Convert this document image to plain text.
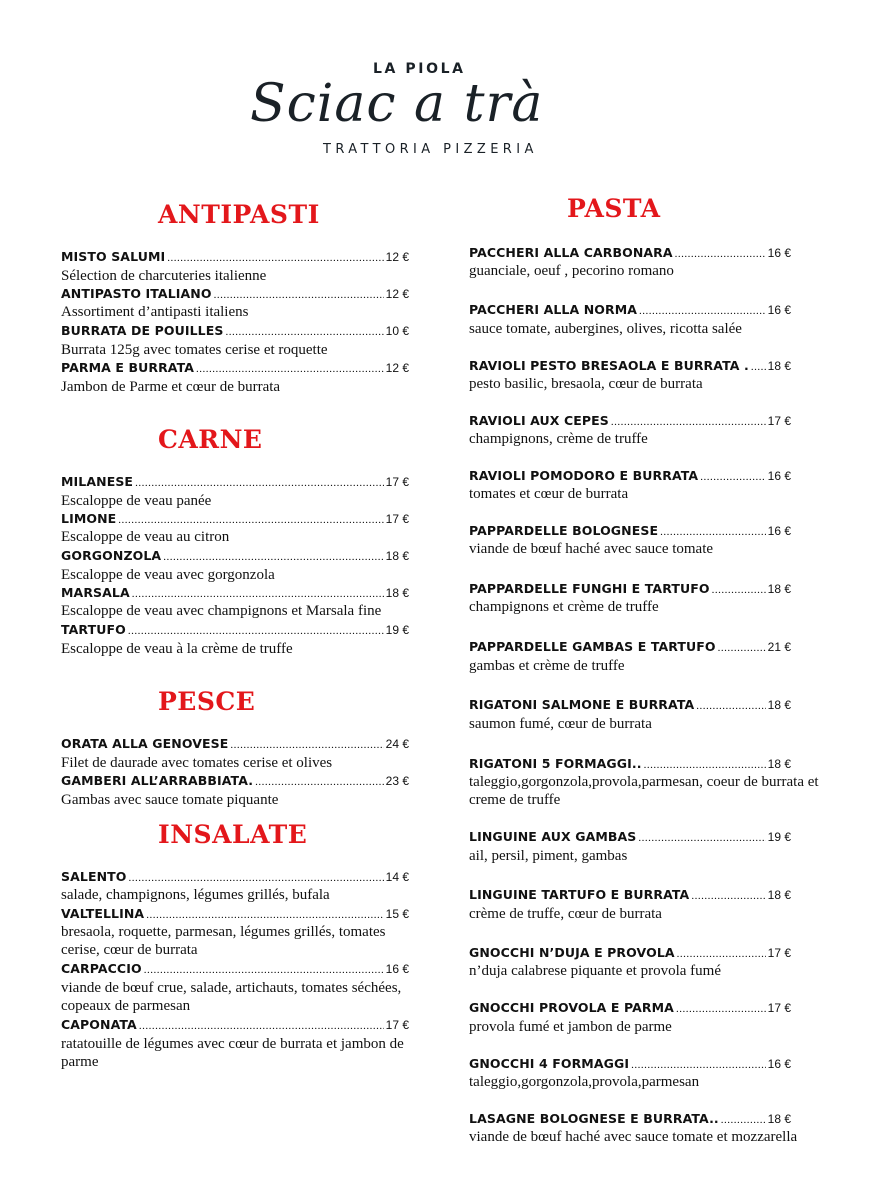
LA PIOLA
Sciac a trà
TRATTORIA PIZZERIA
ANTIPASTI
MISTO SALUMI .....	12 €
Sélection de charcuteries italienne
ANTIPASTO ITALIANO .....	12 €
Assortiment d’antipasti italiens
BURRATA DE POUILLES .....	10 €
Burrata 125g avec tomates cerise et roquette
PARMA E BURRATA .....	12 €
Jambon de Parme et cœur de burrata
CARNE
MILANESE .....	17 €
Escaloppe de veau panée
LIMONE .....	17 €
Escaloppe de veau au citron
GORGONZOLA .....	18 €
Escaloppe de veau avec gorgonzola
MARSALA .....	18 €
Escaloppe de veau avec champignons et Marsala fine
TARTUFO .....	19 €
Escaloppe de veau à la crème de truffe
PESCE
ORATA ALLA GENOVESE .....	24 €
Filet de daurade avec tomates cerise et olives
GAMBERI ALL’ARRABBIATA. .....	23 €
Gambas avec sauce tomate piquante
INSALATE
SALENTO .....	14 €
salade, champignons, légumes grillés, bufala
VALTELLINA .....	15 €
bresaola, roquette, parmesan, légumes grillés, tomates cerise, cœur de burrata
CARPACCIO .....	16 €
viande de bœuf crue, salade, artichauts, tomates séchées, copeaux de parmesan
CAPONATA .....	17 €
ratatouille de légumes avec cœur de burrata et jambon de parme
PASTA
PACCHERI ALLA CARBONARA .....	16 €
guanciale, oeuf , pecorino romano
PACCHERI ALLA NORMA .....	16 €
sauce tomate, aubergines, olives, ricotta salée
RAVIOLI PESTO BRESAOLA E BURRATA . ..... 18 €
pesto basilic, bresaola, cœur de burrata
RAVIOLI AUX CEPES .....	17 €
champignons, crème de truffe
RAVIOLI POMODORO E BURRATA .....	16 €
tomates et cœur de burrata
PAPPARDELLE BOLOGNESE .....	16 €
viande de bœuf haché avec sauce tomate
PAPPARDELLE FUNGHI E TARTUFO .....	18 €
champignons et crème de truffe
PAPPARDELLE GAMBAS E TARTUFO .....	21 €
gambas et crème de truffe
RIGATONI SALMONE E BURRATA .....	18 €
saumon fumé, cœur de burrata
RIGATONI 5 FORMAGGI.. .....	18 €
taleggio,gorgonzola,provola,parmesan, coeur de burrata et creme de truffe
LINGUINE AUX GAMBAS .....	19 €
ail, persil, piment, gambas
LINGUINE TARTUFO E BURRATA .....	18 €
crème de truffe, cœur de burrata
GNOCCHI N’DUJA E PROVOLA .....	17 €
n’duja calabrese piquante et provola fumé
GNOCCHI PROVOLA E PARMA .....	17 €
provola fumé et jambon de parme
GNOCCHI 4 FORMAGGI .....	16 €
taleggio,gorgonzola,provola,parmesan
LASAGNE BOLOGNESE E BURRATA.. .....	18 €
viande de bœuf haché avec sauce tomate et mozzarella
